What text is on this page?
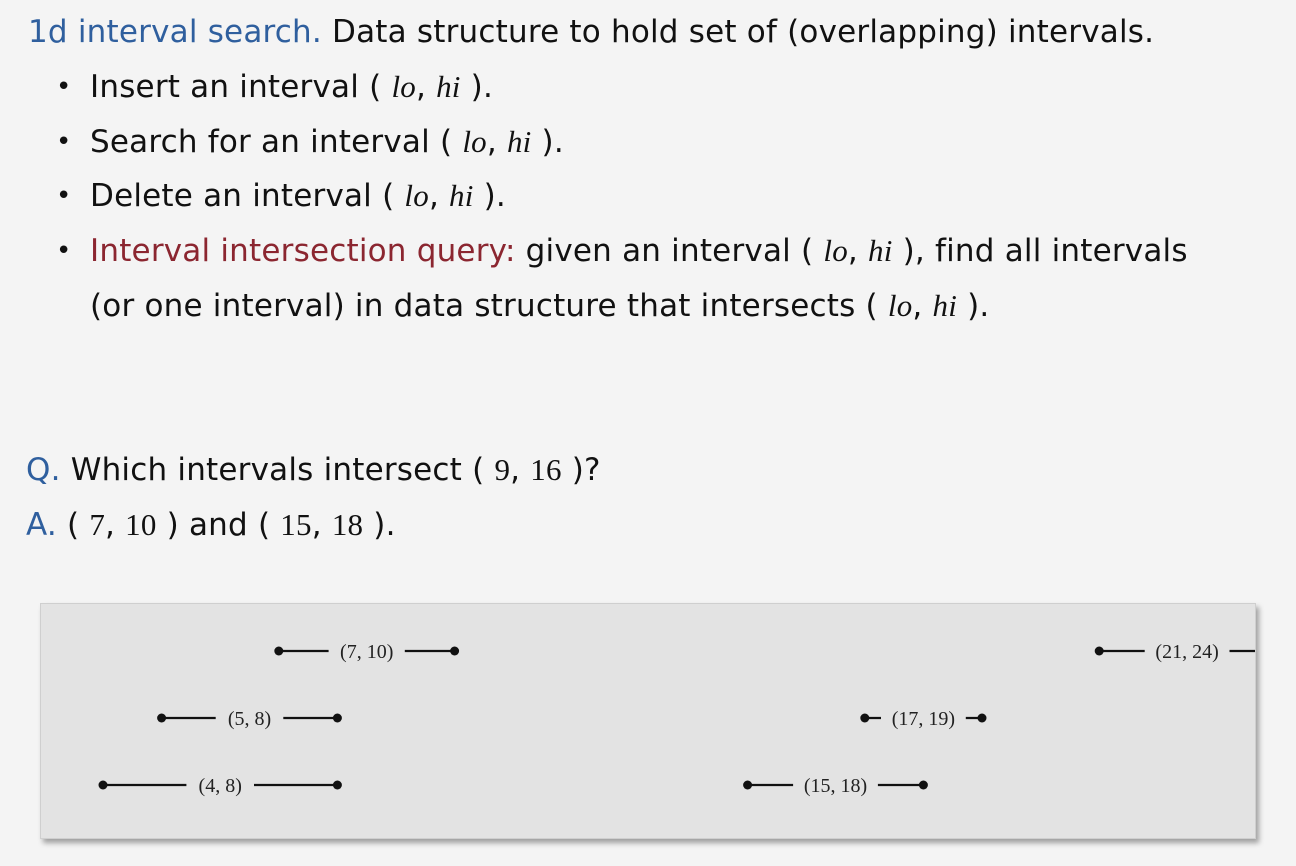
1d interval search. Data structure to hold set of (overlapping) intervals.
• Insert an interval ( lo, hi ).
• Search for an interval ( lo, hi ).
• Delete an interval ( lo, hi ).
• Interval intersection query: given an interval ( lo, hi ), find all intervals
(or one interval) in data structure that intersects ( lo, hi ).
Q. Which intervals intersect ( 9, 16 )?
A. ( 7, 10 ) and ( 15, 18 ).
(7, 10)	(21, 24)
(5, 8)	(17, 19)
(4, 8)	(15, 18)
